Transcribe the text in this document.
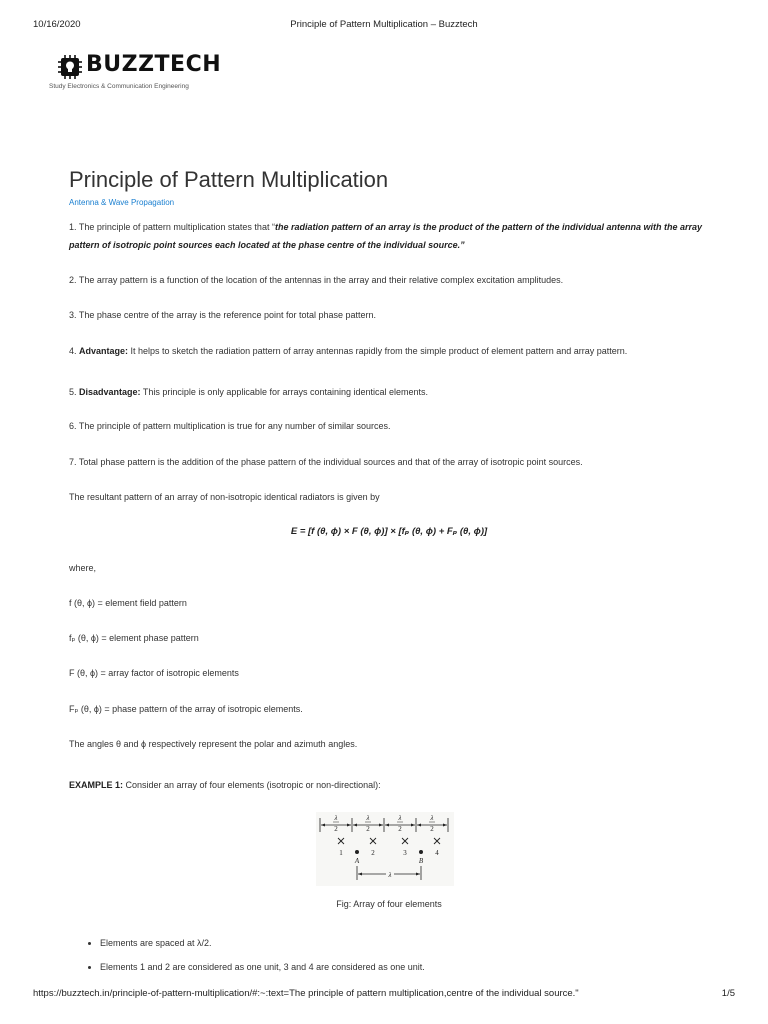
10/16/2020	Principle of Pattern Multiplication – Buzztech
BUZZTECH
Study Electronics & Communication Engineering
Principle of Pattern Multiplication
Antenna & Wave Propagation

1. The principle of pattern multiplication states that “the radiation pattern of an array is the product of the pattern of the individual antenna with the array pattern of isotropic point sources each located at the phase centre of the individual source.”

2. The array pattern is a function of the location of the antennas in the array and their relative complex excitation amplitudes.

3. The phase centre of the array is the reference point for total phase pattern.

4. Advantage: It helps to sketch the radiation pattern of array antennas rapidly from the simple product of element pattern and array pattern.

5. Disadvantage: This principle is only applicable for arrays containing identical elements.

6. The principle of pattern multiplication is true for any number of similar sources.

7. Total phase pattern is the addition of the phase pattern of the individual sources and that of the array of isotropic point sources.

The resultant pattern of an array of non-isotropic identical radiators is given by

E = [f (θ, ϕ) × F (θ, ϕ)] × [fₚ (θ, ϕ) + Fₚ (θ, ϕ)]

where,

f (θ, ϕ) = element field pattern

fₚ (θ, ϕ) = element phase pattern

F (θ, ϕ) = array factor of isotropic elements

Fₚ (θ, ϕ) = phase pattern of the array of isotropic elements.

The angles θ and ϕ respectively represent the polar and azimuth angles.

EXAMPLE 1: Consider an array of four elements (isotropic or non-directional):

λ	λ	λ	λ
2	2	2	2
1	2	3	4
A	B
λ
Fig: Array of four elements
• Elements are spaced at λ/2.
• Elements 1 and 2 are considered as one unit, 3 and 4 are considered as one unit.
https://buzztech.in/principle-of-pattern-multiplication/#:~:text=The principle of pattern multiplication,centre of the individual source."	1/5
